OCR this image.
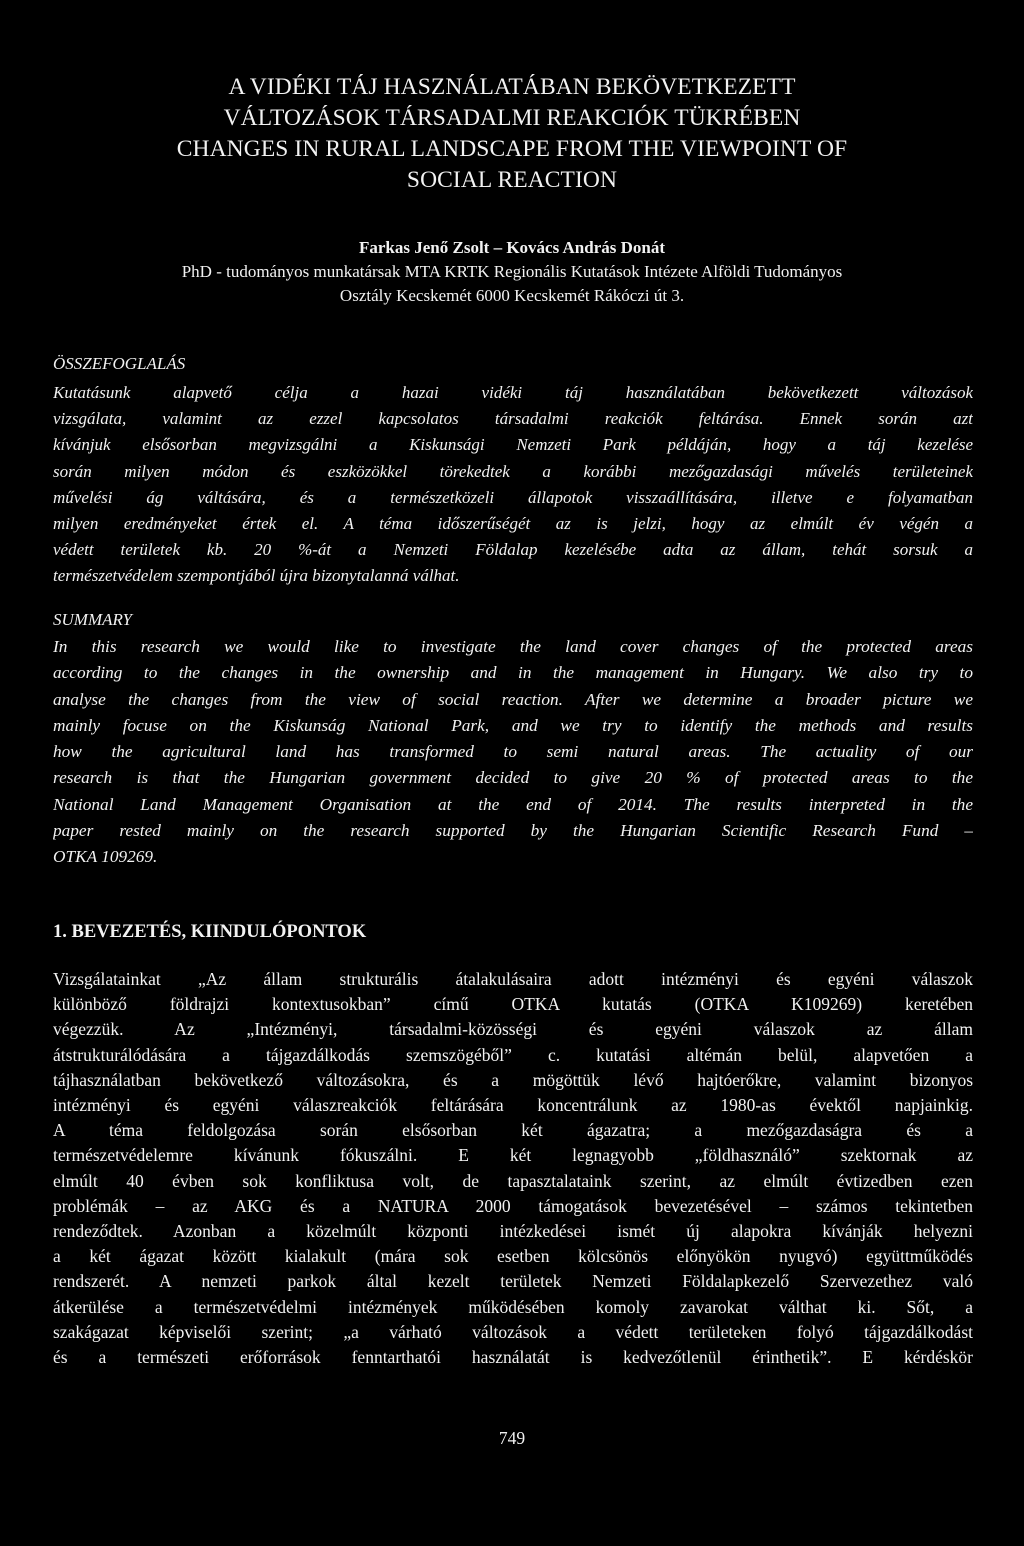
A VIDÉKI TÁJ HASZNÁLATÁBAN BEKÖVETKEZETT
VÁLTOZÁSOK TÁRSADALMI REAKCIÓK TÜKRÉBEN
CHANGES IN RURAL LANDSCAPE FROM THE VIEWPOINT OF
SOCIAL REACTION
Farkas Jenő Zsolt – Kovács András Donát
PhD - tudományos munkatársak MTA KRTK Regionális Kutatások Intézete Alföldi Tudományos
Osztály Kecskemét 6000 Kecskemét Rákóczi út 3.
ÖSSZEFOGLALÁS
Kutatásunk alapvető célja a hazai vidéki táj használatában bekövetkezett változások
vizsgálata, valamint az ezzel kapcsolatos társadalmi reakciók feltárása. Ennek során azt
kívánjuk elsősorban megvizsgálni a Kiskunsági Nemzeti Park példáján, hogy a táj kezelése
során milyen módon és eszközökkel törekedtek a korábbi mezőgazdasági művelés területeinek
művelési ág váltására, és a természetközeli állapotok visszaállítására, illetve e folyamatban
milyen eredményeket értek el. A téma időszerűségét az is jelzi, hogy az elmúlt év végén a
védett területek kb. 20 %-át a Nemzeti Földalap kezelésébe adta az állam, tehát sorsuk a
természetvédelem szempontjából újra bizonytalanná válhat.
SUMMARY
In this research we would like to investigate the land cover changes of the protected areas
according to the changes in the ownership and in the management in Hungary. We also try to
analyse the changes from the view of social reaction. After we determine a broader picture we
mainly focuse on the Kiskunság National Park, and we try to identify the methods and results
how the agricultural land has transformed to semi natural areas. The actuality of our
research is that the Hungarian government decided to give 20 % of protected areas to the
National Land Management Organisation at the end of 2014. The results interpreted in the
paper rested mainly on the research supported by the Hungarian Scientific Research Fund –
OTKA 109269.
1. BEVEZETÉS, KIINDULÓPONTOK
Vizsgálatainkat „Az állam strukturális átalakulásaira adott intézményi és egyéni válaszok
különböző földrajzi kontextusokban” című OTKA kutatás (OTKA K109269) keretében
végezzük. Az „Intézményi, társadalmi-közösségi és egyéni válaszok az állam
átstrukturálódására a tájgazdálkodás szemszögéből” c. kutatási altémán belül, alapvetően a
tájhasználatban bekövetkező változásokra, és a mögöttük lévő hajtóerőkre, valamint bizonyos
intézményi és egyéni válaszreakciók feltárására koncentrálunk az 1980-as évektől napjainkig.
A téma feldolgozása során elsősorban két ágazatra; a mezőgazdaságra és a
természetvédelemre kívánunk fókuszálni. E két legnagyobb „földhasználó” szektornak az
elmúlt 40 évben sok konfliktusa volt, de tapasztalataink szerint, az elmúlt évtizedben ezen
problémák – az AKG és a NATURA 2000 támogatások bevezetésével – számos tekintetben
rendeződtek. Azonban a közelmúlt központi intézkedései ismét új alapokra kívánják helyezni
a két ágazat között kialakult (mára sok esetben kölcsönös előnyökön nyugvó) együttműködés
rendszerét. A nemzeti parkok által kezelt területek Nemzeti Földalapkezelő Szervezethez való
átkerülése a természetvédelmi intézmények működésében komoly zavarokat válthat ki. Sőt, a
szakágazat képviselői szerint; „a várható változások a védett területeken folyó tájgazdálkodást
és a természeti erőforrások fenntarthatói használatát is kedvezőtlenül érinthetik”. E kérdéskör
749
